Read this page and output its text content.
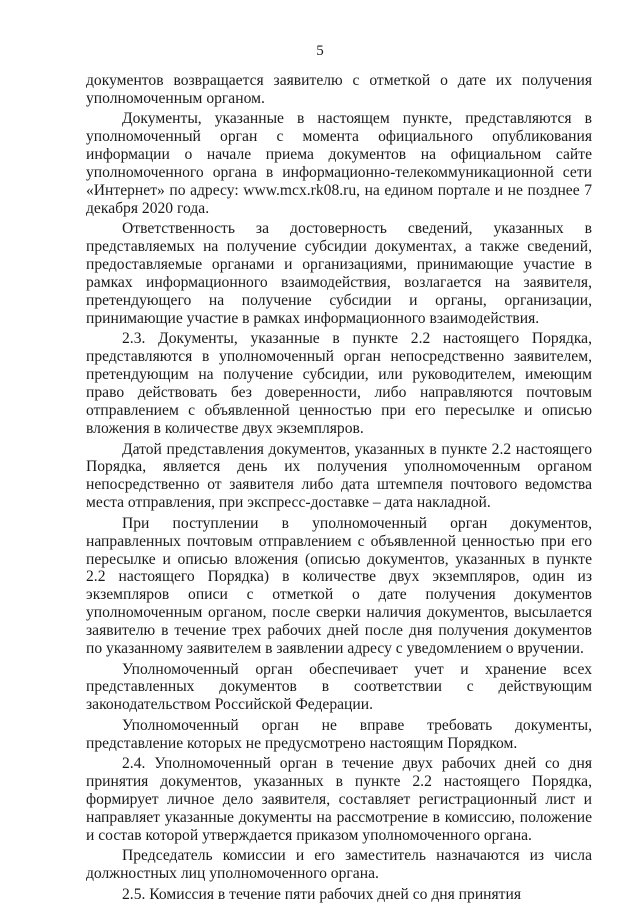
5

документов возвращается заявителю с отметкой о дате их получения уполномоченным органом.

Документы, указанные в настоящем пункте, представляются в уполномоченный орган с момента официального опубликования информации о начале приема документов на официальном сайте уполномоченного органа в информационно-телекоммуникационной сети «Интернет» по адресу: www.mcx.rk08.ru, на едином портале и не позднее 7 декабря 2020 года.

Ответственность за достоверность сведений, указанных в представляемых на получение субсидии документах, а также сведений, предоставляемые органами и организациями, принимающие участие в рамках информационного взаимодействия, возлагается на заявителя, претендующего на получение субсидии и органы, организации, принимающие участие в рамках информационного взаимодействия.

2.3. Документы, указанные в пункте 2.2 настоящего Порядка, представляются в уполномоченный орган непосредственно заявителем, претендующим на получение субсидии, или руководителем, имеющим право действовать без доверенности, либо направляются почтовым отправлением с объявленной ценностью при его пересылке и описью вложения в количестве двух экземпляров.

Датой представления документов, указанных в пункте 2.2 настоящего Порядка, является день их получения уполномоченным органом непосредственно от заявителя либо дата штемпеля почтового ведомства места отправления, при экспресс-доставке – дата накладной.

При поступлении в уполномоченный орган документов, направленных почтовым отправлением с объявленной ценностью при его пересылке и описью вложения (описью документов, указанных в пункте 2.2 настоящего Порядка) в количестве двух экземпляров, один из экземпляров описи с отметкой о дате получения документов уполномоченным органом, после сверки наличия документов, высылается заявителю в течение трех рабочих дней после дня получения документов по указанному заявителем в заявлении адресу с уведомлением о вручении.

Уполномоченный орган обеспечивает учет и хранение всех представленных документов в соответствии с действующим законодательством Российской Федерации.

Уполномоченный орган не вправе требовать документы, представление которых не предусмотрено настоящим Порядком.

2.4. Уполномоченный орган в течение двух рабочих дней со дня принятия документов, указанных в пункте 2.2 настоящего Порядка, формирует личное дело заявителя, составляет регистрационный лист и направляет указанные документы на рассмотрение в комиссию, положение и состав которой утверждается приказом уполномоченного органа.

Председатель комиссии и его заместитель назначаются из числа должностных лиц уполномоченного органа.

2.5. Комиссия в течение пяти рабочих дней со дня принятия
